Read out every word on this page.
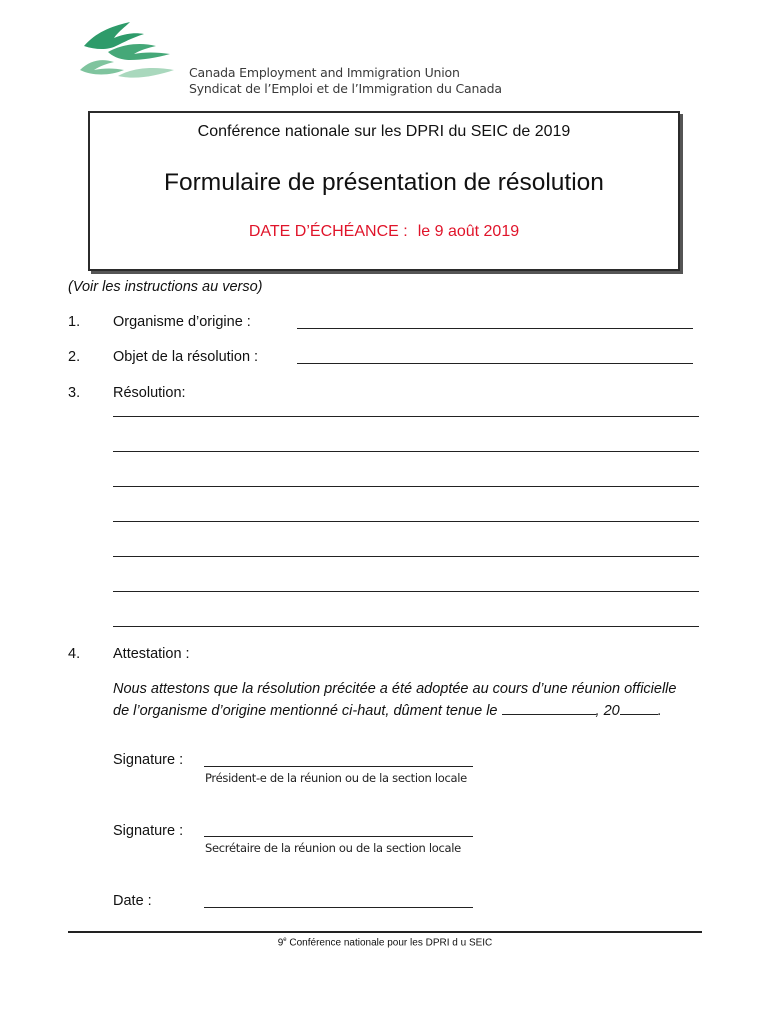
Canada Employment and Immigration Union
Syndicat de l’Emploi et de l’Immigration du Canada
Conférence nationale sur les DPRI du SEIC de 2019
Formulaire de présentation de résolution
DATE D’ÉCHÉANCE : le 9 août 2019
(Voir les instructions au verso)
1. Organisme d’origine :
2. Objet de la résolution :
3. Résolution:
4. Attestation :
Nous attestons que la résolution précitée a été adoptée au cours d’une réunion officielle
de l’organisme d’origine mentionné ci-haut, dûment tenue le	, 20	.
Signature :
Président-e de la réunion ou de la section locale
Signature :
Secrétaire de la réunion ou de la section locale
Date :
9e Conférence nationale pour les DPRI d u SEIC
